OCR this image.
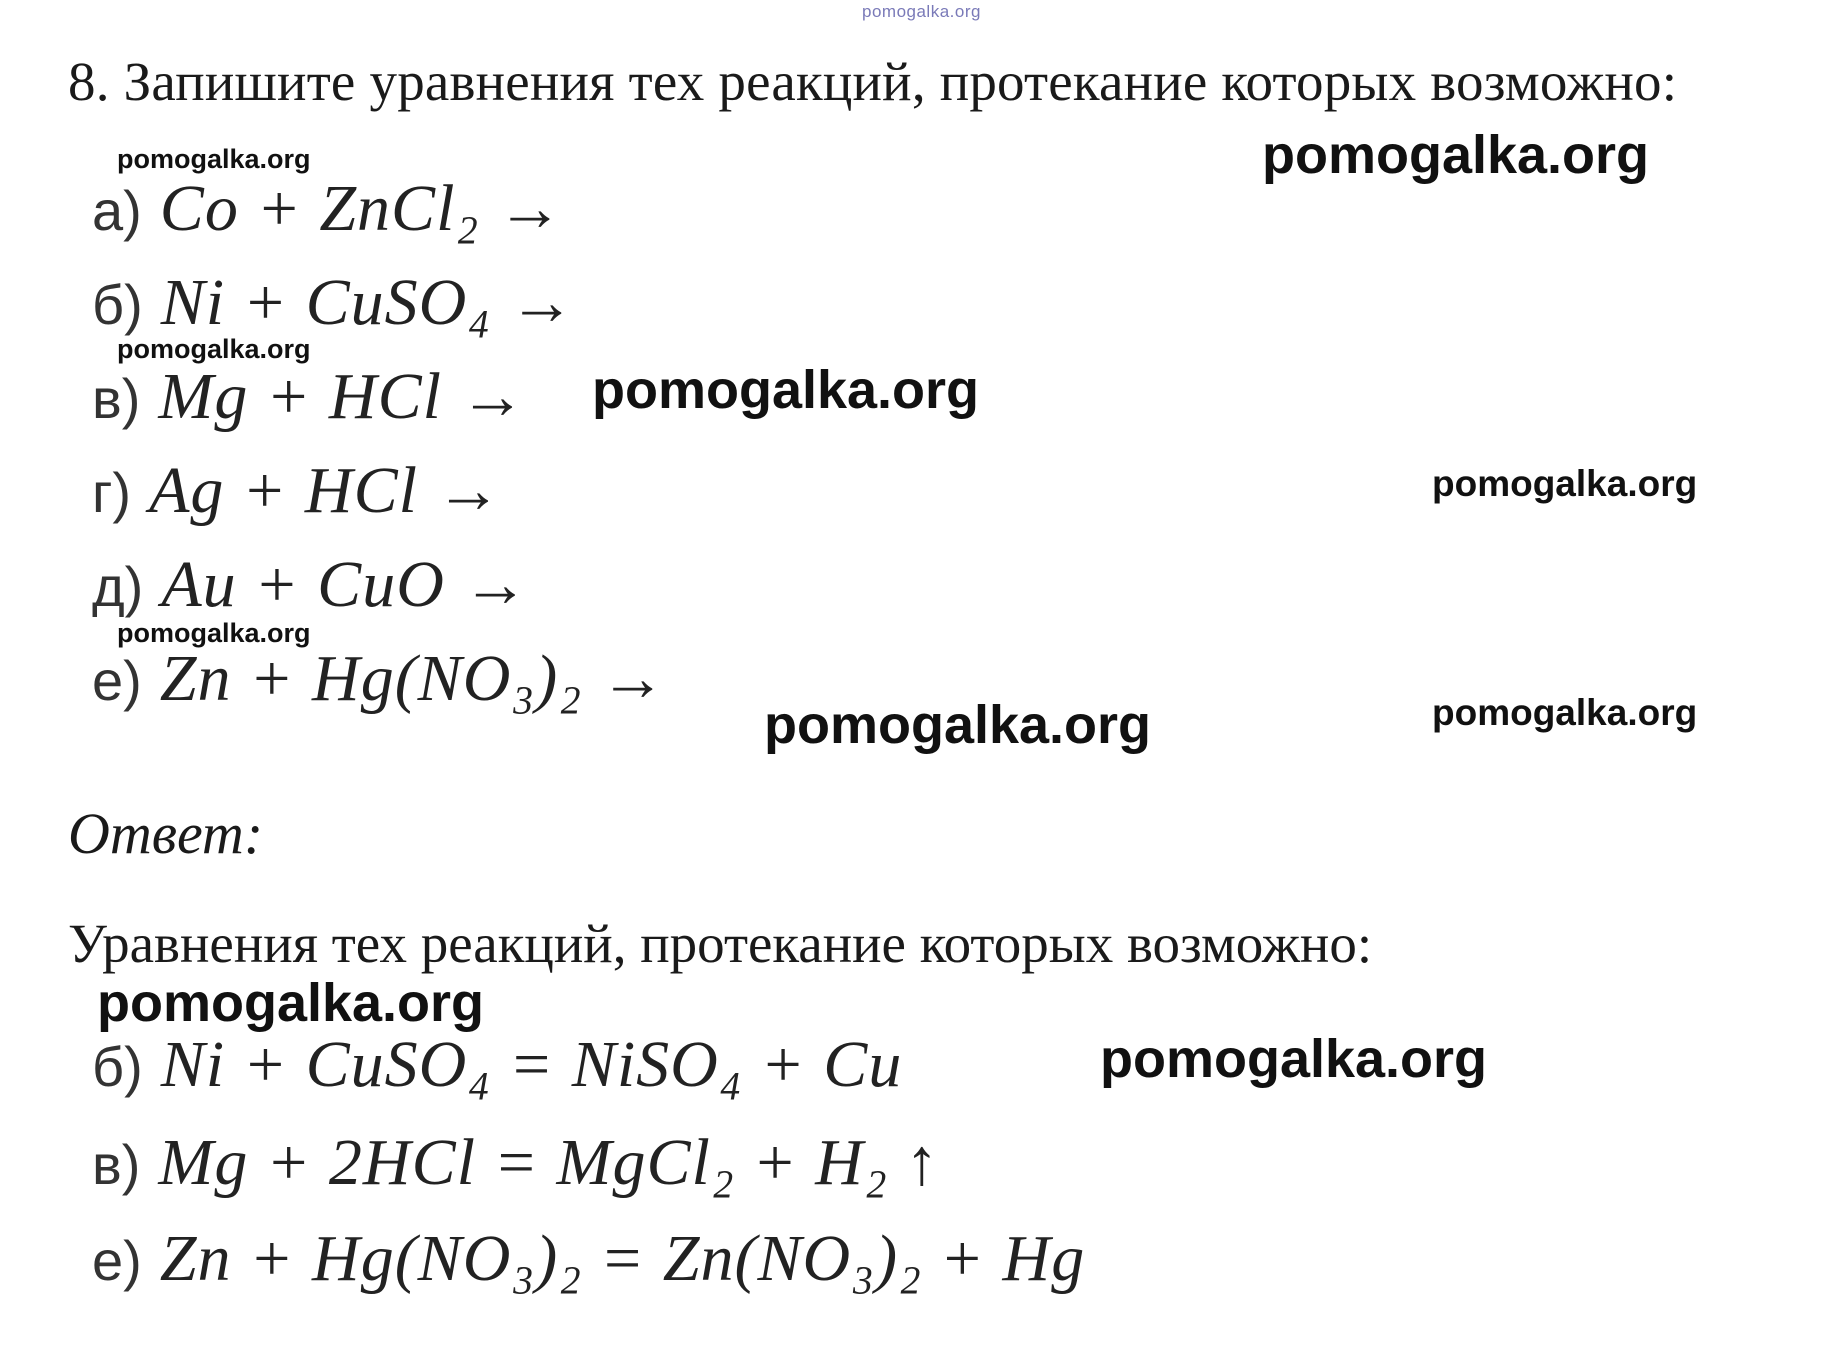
pomogalka.org
8. Запишите уравнения тех реакций, протекание которых возможно:
а) Co + ZnCl₂ →
б) Ni + CuSO₄ →
в) Mg + HCl →
г) Ag + HCl →
д) Au + CuO →
е) Zn + Hg(NO₃)₂ →
Ответ:
Уравнения тех реакций, протекание которых возможно:
б) Ni + CuSO₄ = NiSO₄ + Cu
в) Mg + 2HCl = MgCl₂ + H₂ ↑
е) Zn + Hg(NO₃)₂ = Zn(NO₃)₂ + Hg
pomogalka.org	pomogalka.org
pomogalka.org
pomogalka.org
pomogalka.org
pomogalka.org
pomogalka.org	pomogalka.org
pomogalka.org
pomogalka.org
